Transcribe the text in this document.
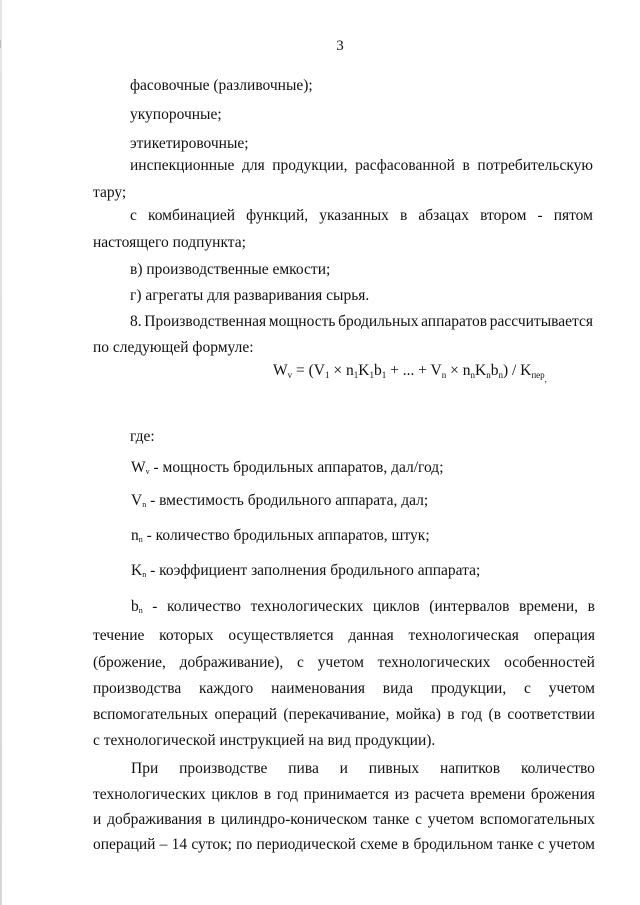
3
фасовочные (разливочные);
укупорочные;
этикетировочные;
инспекционные для продукции, расфасованной в потребительскую
тару;
с комбинацией функций, указанных в абзацах втором - пятом
настоящего подпункта;
в) производственные емкости;
г) агрегаты для разваривания сырья.
8. Производственная мощность бродильных аппаратов рассчитывается
по следующей формуле:
$W_v = (V_1 \times n_1K_1b_1$ + ... + $V_n \times n_nK_nb_n) / K_{пер,}$
где:
$W_v$ - мощность бродильных аппаратов, дал/год;
$V_n$ - вместимость бродильного аппарата, дал;
$n_n$ - количество бродильных аппаратов, штук;
$K_n$ - коэффициент заполнения бродильного аппарата;
$b_n$ - количество технологических циклов (интервалов времени, в
течение которых осуществляется данная технологическая операция
(брожение, дображивание), с учетом технологических особенностей
производства каждого наименования вида продукции, с учетом
вспомогательных операций (перекачивание, мойка) в год (в соответствии
с технологической инструкцией на вид продукции).
При производстве пива и пивных напитков количество
технологических циклов в год принимается из расчета времени брожения
и дображивания в цилиндро-коническом танке с учетом вспомогательных
операций – 14 суток; по периодической схеме в бродильном танке с учетом
